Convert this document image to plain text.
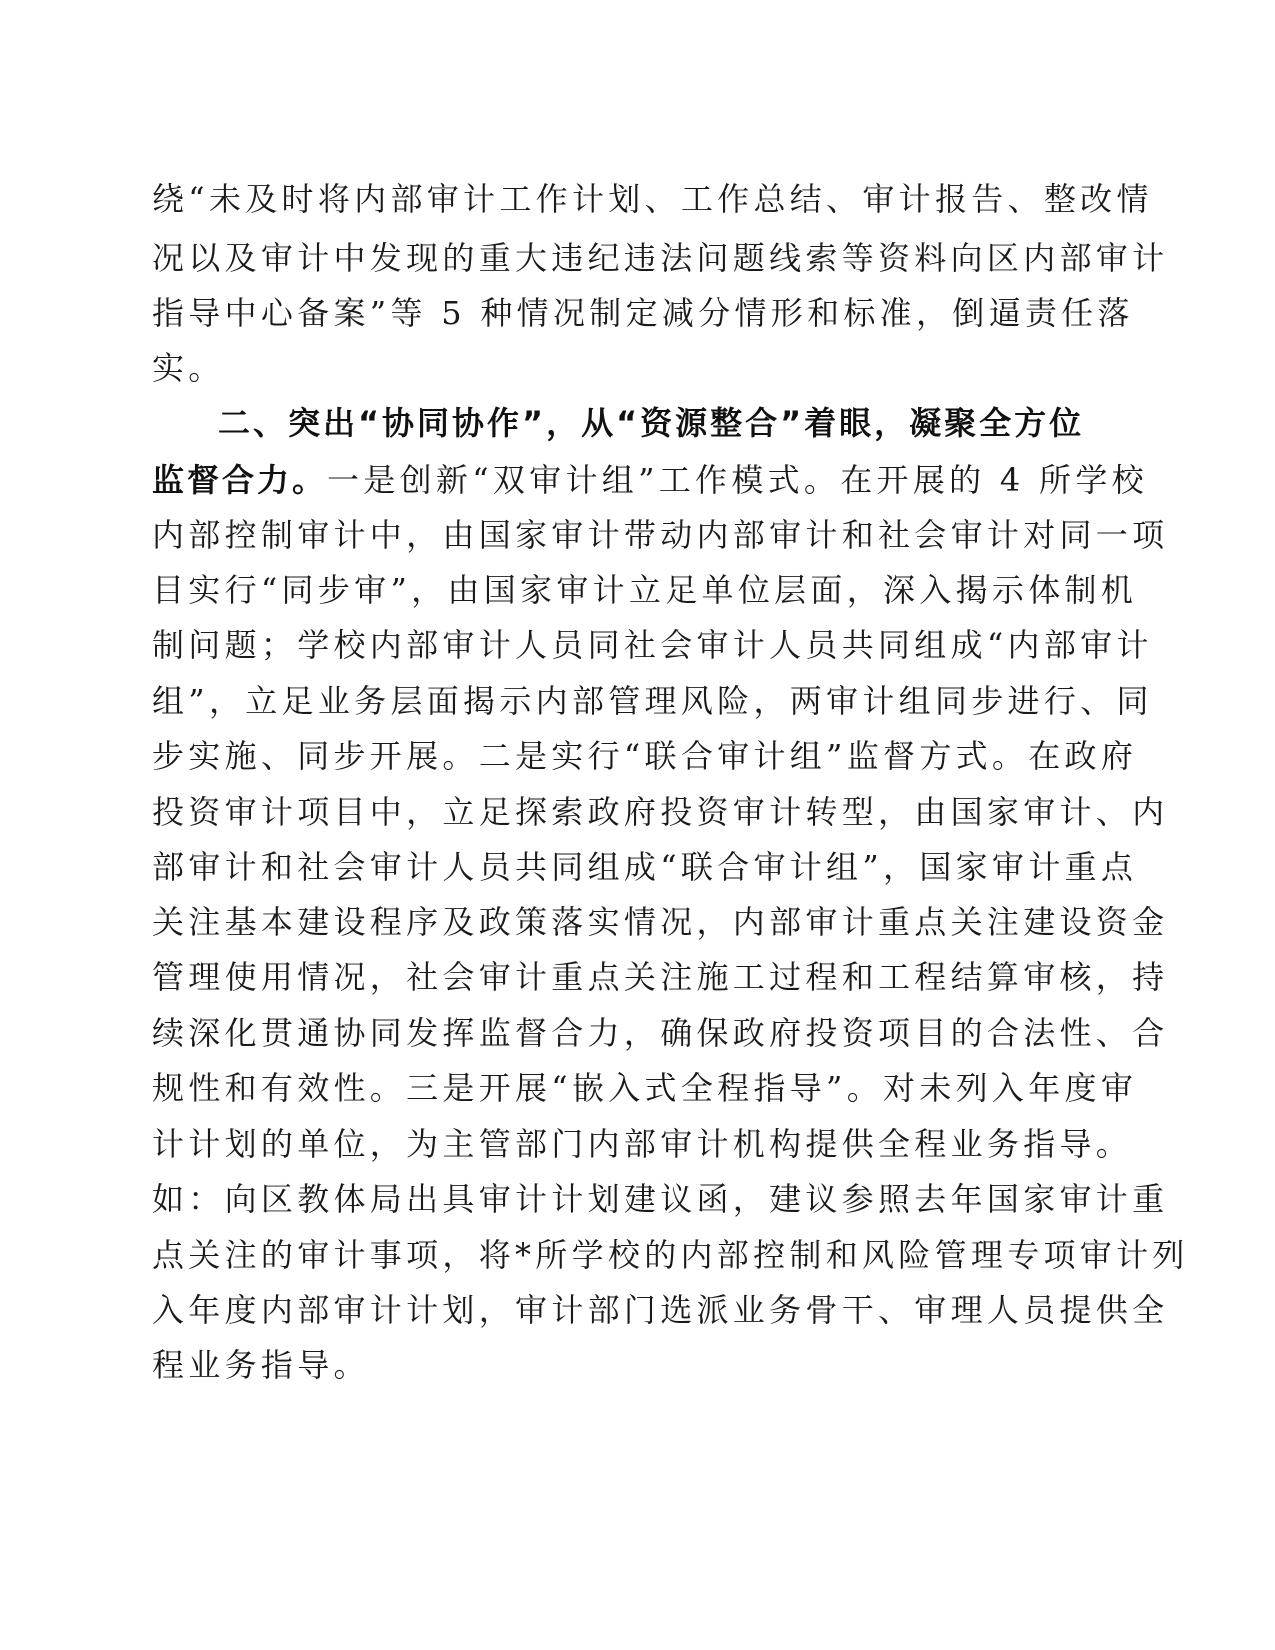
绕“未及时将内部审计工作计划、工作总结、审计报告、整改情
况以及审计中发现的重大违纪违法问题线索等资料向区内部审计
指导中心备案”等 5 种情况制定减分情形和标准，倒逼责任落
实。
二、突出“协同协作”，从“资源整合”着眼，凝聚全方位
监督合力。一是创新“双审计组”工作模式。在开展的 4 所学校
内部控制审计中，由国家审计带动内部审计和社会审计对同一项
目实行“同步审”，由国家审计立足单位层面，深入揭示体制机
制问题；学校内部审计人员同社会审计人员共同组成“内部审计
组”，立足业务层面揭示内部管理风险，两审计组同步进行、同
步实施、同步开展。二是实行“联合审计组”监督方式。在政府
投资审计项目中，立足探索政府投资审计转型，由国家审计、内
部审计和社会审计人员共同组成“联合审计组”，国家审计重点
关注基本建设程序及政策落实情况，内部审计重点关注建设资金
管理使用情况，社会审计重点关注施工过程和工程结算审核，持
续深化贯通协同发挥监督合力，确保政府投资项目的合法性、合
规性和有效性。三是开展“嵌入式全程指导”。对未列入年度审
计计划的单位，为主管部门内部审计机构提供全程业务指导。
如：向区教体局出具审计计划建议函，建议参照去年国家审计重
点关注的审计事项，将*所学校的内部控制和风险管理专项审计列
入年度内部审计计划，审计部门选派业务骨干、审理人员提供全
程业务指导。
